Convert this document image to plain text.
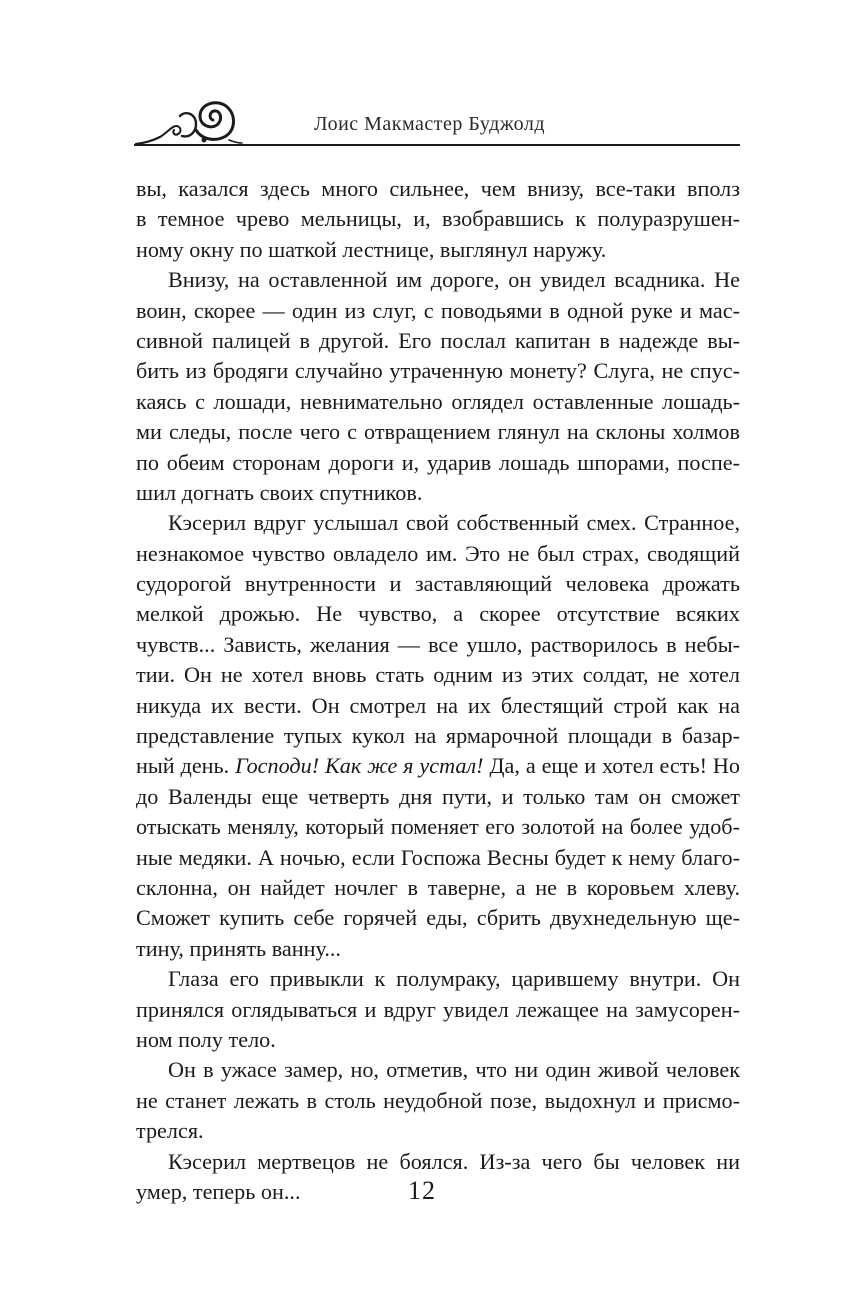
Лоис Макмастер Буджолд
вы, казался здесь много сильнее, чем внизу, все-таки вполз
в темное чрево мельницы, и, взобравшись к полуразрушен-
ному окну по шаткой лестнице, выглянул наружу.
Внизу, на оставленной им дороге, он увидел всадника. Не
воин, скорее — один из слуг, с поводьями в одной руке и мас-
сивной палицей в другой. Его послал капитан в надежде вы-
бить из бродяги случайно утраченную монету? Слуга, не спус-
каясь с лошади, невнимательно оглядел оставленные лошадь-
ми следы, после чего с отвращением глянул на склоны холмов
по обеим сторонам дороги и, ударив лошадь шпорами, поспе-
шил догнать своих спутников.
Кэсерил вдруг услышал свой собственный смех. Странное,
незнакомое чувство овладело им. Это не был страх, сводящий
судорогой внутренности и заставляющий человека дрожать
мелкой дрожью. Не чувство, а скорее отсутствие всяких
чувств... Зависть, желания — все ушло, растворилось в небы-
тии. Он не хотел вновь стать одним из этих солдат, не хотел
никуда их вести. Он смотрел на их блестящий строй как на
представление тупых кукол на ярмарочной площади в базар-
ный день. Господи! Как же я устал! Да, а еще и хотел есть! Но
до Валенды еще четверть дня пути, и только там он сможет
отыскать менялу, который поменяет его золотой на более удоб-
ные медяки. А ночью, если Госпожа Весны будет к нему благо-
склонна, он найдет ночлег в таверне, а не в коровьем хлеву.
Сможет купить себе горячей еды, сбрить двухнедельную ще-
тину, принять ванну...
Глаза его привыкли к полумраку, царившему внутри. Он
принялся оглядываться и вдруг увидел лежащее на замусорен-
ном полу тело.
Он в ужасе замер, но, отметив, что ни один живой человек
не станет лежать в столь неудобной позе, выдохнул и присмо-
трелся.
Кэсерил мертвецов не боялся. Из-за чего бы человек ни
умер, теперь он...	12
